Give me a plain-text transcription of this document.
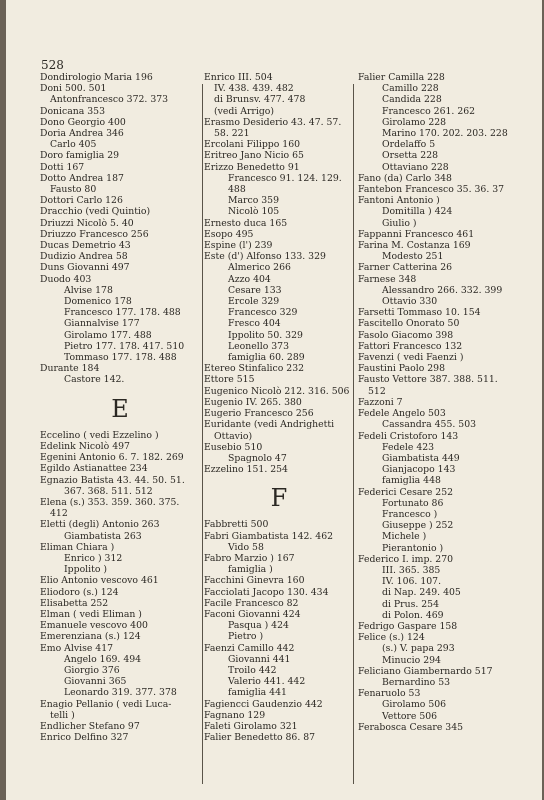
528
Dondirologio Maria 196
Doni 500. 501
Antonfrancesco 372. 373
Donicana 353
Dono Georgio 400
Doria Andrea 346
Carlo 405
Doro famiglia 29
Dotti 167
Dotto Andrea 187
Fausto 80
Dottori Carlo 126
Dracchio (vedi Quintio)
Driuzzi Nicolò 5. 40
Driuzzo Francesco 256
Ducas Demetrio 43
Dudizio Andrea 58
Duns Giovanni 497
Duodo 403
Alvise 178
Domenico 178
Francesco 177. 178. 488
Giannalvise 177
Girolamo 177. 488
Pietro 177. 178. 417. 510
Tommaso 177. 178. 488
Durante 184
Castore 142.
E
Eccelino ( vedi Ezzelino )
Edelink Nicolò 497
Egenini Antonio 6. 7. 182. 269
Egildo Astianattee 234
Egnazio Batista 43. 44. 50. 51.
367. 368. 511. 512
Elena (s.) 353. 359. 360. 375.
412
Eletti (degli) Antonio 263
Giambatista 263
Eliman Chiara )
Enrico ) 312
Ippolito )
Elio Antonio vescovo 461
Eliodoro (s.) 124
Elisabetta 252
Elman ( vedi Eliman )
Emanuele vescovo 400
Emerenziana (s.) 124
Emo Alvise 417
Angelo 169. 494
Giorgio 376
Giovanni 365
Leonardo 319. 377. 378
Enagio Pellanio ( vedi Luca-
telli )
Endlicher Stefano 97
Enrico Delfino 327
Enrico III. 504
IV. 438. 439. 482
di Brunsv. 477. 478
(vedi Arrigo)
Erasmo Desiderio 43. 47. 57.
58. 221
Ercolani Filippo 160
Eritreo Jano Nicio 65
Erizzo Benedetto 91
Francesco 91. 124. 129.
488
Marco 359
Nicolò 105
Ernesto duca 165
Esopo 495
Espine (l') 239
Este (d') Alfonso 133. 329
Almerico 266
Azzo 404
Cesare 133
Ercole 329
Francesco 329
Fresco 404
Ippolito 50. 329
Leonello 373
famiglia 60. 289
Etereo Stinfalico 232
Ettore 515
Eugenico Nicolò 212. 316. 506
Eugenio IV. 265. 380
Eugerio Francesco 256
Euridante (vedi Andrighetti
Ottavio)
Eusebio 510
Spagnolo 47
Ezzelino 151. 254
F
Fabbretti 500
Fabri Giambatista 142. 462
Vido 58
Fabro Marzio ) 167
famiglia )
Facchini Ginevra 160
Facciolati Jacopo 130. 434
Facile Francesco 82
Faconi Giovanni 424
Pasqua ) 424
Pietro )
Faenzi Camillo 442
Giovanni 441
Troilo 442
Valerio 441. 442
famiglia 441
Fagiencci Gaudenzio 442
Fagnano 129
Faleti Girolamo 321
Falier Benedetto 86. 87
Falier Camilla 228
Camillo 228
Candida 228
Francesco 261. 262
Girolamo 228
Marino 170. 202. 203. 228
Ordelaffo 5
Orsetta 228
Ottaviano 228
Fano (da) Carlo 348
Fantebon Francesco 35. 36. 37
Fantoni Antonio )
Domitilla ) 424
Giulio )
Fappanni Francesco 461
Farina M. Costanza 169
Modesto 251
Farner Catterina 26
Farnese 348
Alessandro 266. 332. 399
Ottavio 330
Farsetti Tommaso 10. 154
Fascitello Onorato 50
Fasolo Giacomo 398
Fattori Francesco 132
Favenzi ( vedi Faenzi )
Faustini Paolo 298
Fausto Vettore 387. 388. 511.
512
Fazzoni 7
Fedele Angelo 503
Cassandra 455. 503
Fedeli Cristoforo 143
Fedele 423
Giambatista 449
Gianjacopo 143
famiglia 448
Federici Cesare 252
Fortunato 86
Francesco )
Giuseppe ) 252
Michele )
Pierantonio )
Federico I. imp. 270
III. 365. 385
IV. 106. 107.
di Nap. 249. 405
di Prus. 254
di Polon. 469
Fedrigo Gaspare 158
Felice (s.) 124
(s.) V. papa 293
Minucio 294
Feliciano Giambernardo 517
Bernardino 53
Fenaruolo 53
Girolamo 506
Vettore 506
Ferabosca Cesare 345
